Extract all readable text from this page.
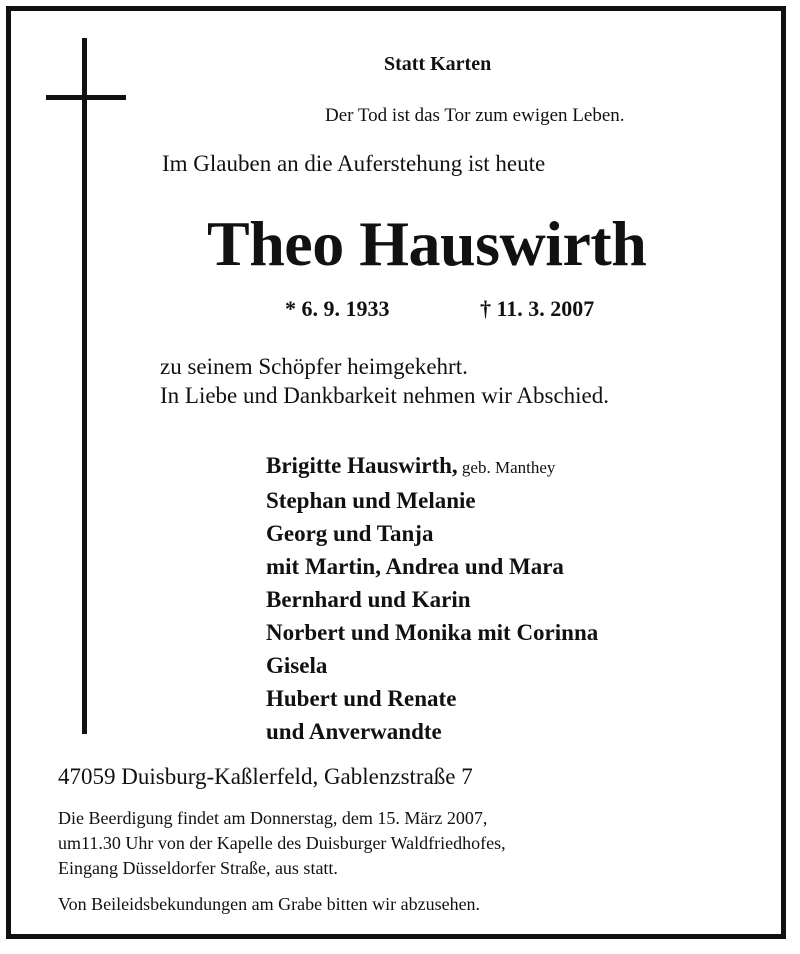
Statt Karten
Der Tod ist das Tor zum ewigen Leben.
Im Glauben an die Auferstehung ist heute
Theo Hauswirth
* 6. 9. 1933	† 11. 3. 2007
zu seinem Schöpfer heimgekehrt.
In Liebe und Dankbarkeit nehmen wir Abschied.
Brigitte Hauswirth, geb. Manthey
Stephan und Melanie
Georg und Tanja
mit Martin, Andrea und Mara
Bernhard und Karin
Norbert und Monika mit Corinna
Gisela
Hubert und Renate
und Anverwandte
47059 Duisburg-Kaßlerfeld, Gablenzstraße 7
Die Beerdigung findet am Donnerstag, dem 15. März 2007,
um11.30 Uhr von der Kapelle des Duisburger Waldfriedhofes,
Eingang Düsseldorfer Straße, aus statt.
Von Beileidsbekundungen am Grabe bitten wir abzusehen.
